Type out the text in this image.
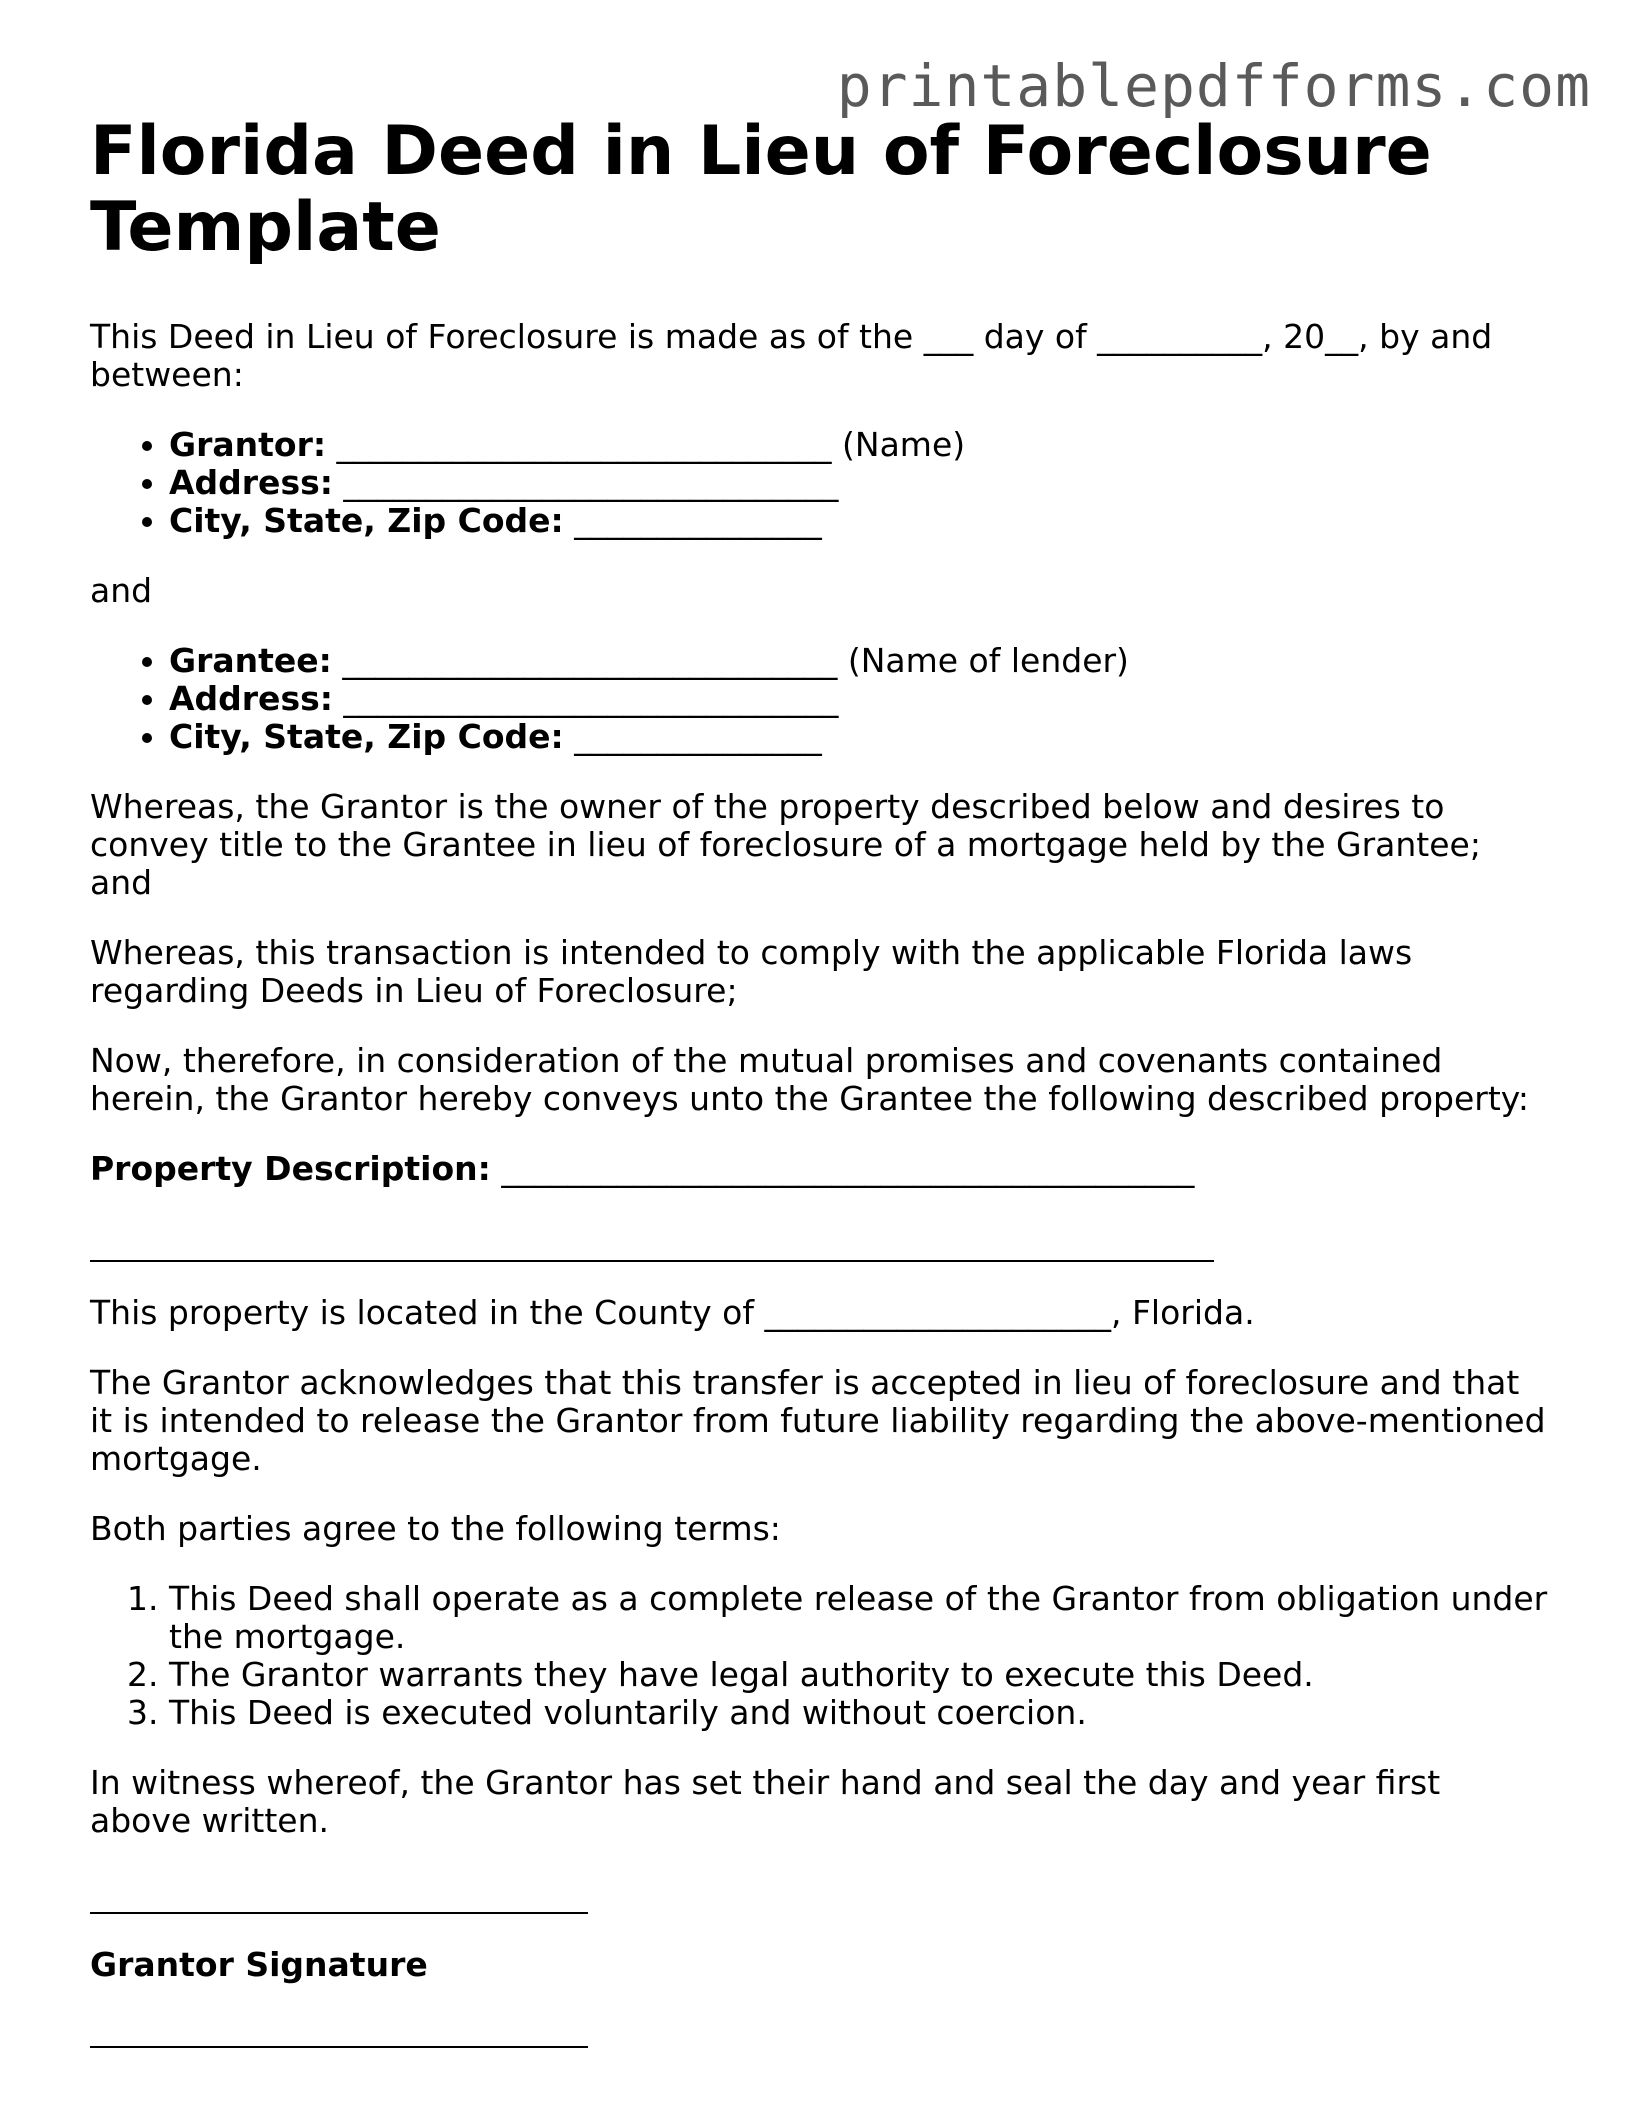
printablepdfforms.com
Florida Deed in Lieu of Foreclosure Template

This Deed in Lieu of Foreclosure is made as of the ___ day of __________, 20__, by and between:

• Grantor: ______________________________ (Name)
• Address: ______________________________
• City, State, Zip Code: _______________

and

• Grantee: ______________________________ (Name of lender)
• Address: ______________________________
• City, State, Zip Code: _______________

Whereas, the Grantor is the owner of the property described below and desires to convey title to the Grantee in lieu of foreclosure of a mortgage held by the Grantee; and

Whereas, this transaction is intended to comply with the applicable Florida laws regarding Deeds in Lieu of Foreclosure;

Now, therefore, in consideration of the mutual promises and covenants contained herein, the Grantor hereby conveys unto the Grantee the following described property:

Property Description: __________________________________________

This property is located in the County of _____________________, Florida.

The Grantor acknowledges that this transfer is accepted in lieu of foreclosure and that it is intended to release the Grantor from future liability regarding the above-mentioned mortgage.

Both parties agree to the following terms:

1. This Deed shall operate as a complete release of the Grantor from obligation under the mortgage.
2. The Grantor warrants they have legal authority to execute this Deed.
3. This Deed is executed voluntarily and without coercion.

In witness whereof, the Grantor has set their hand and seal the day and year first above written.

Grantor Signature
